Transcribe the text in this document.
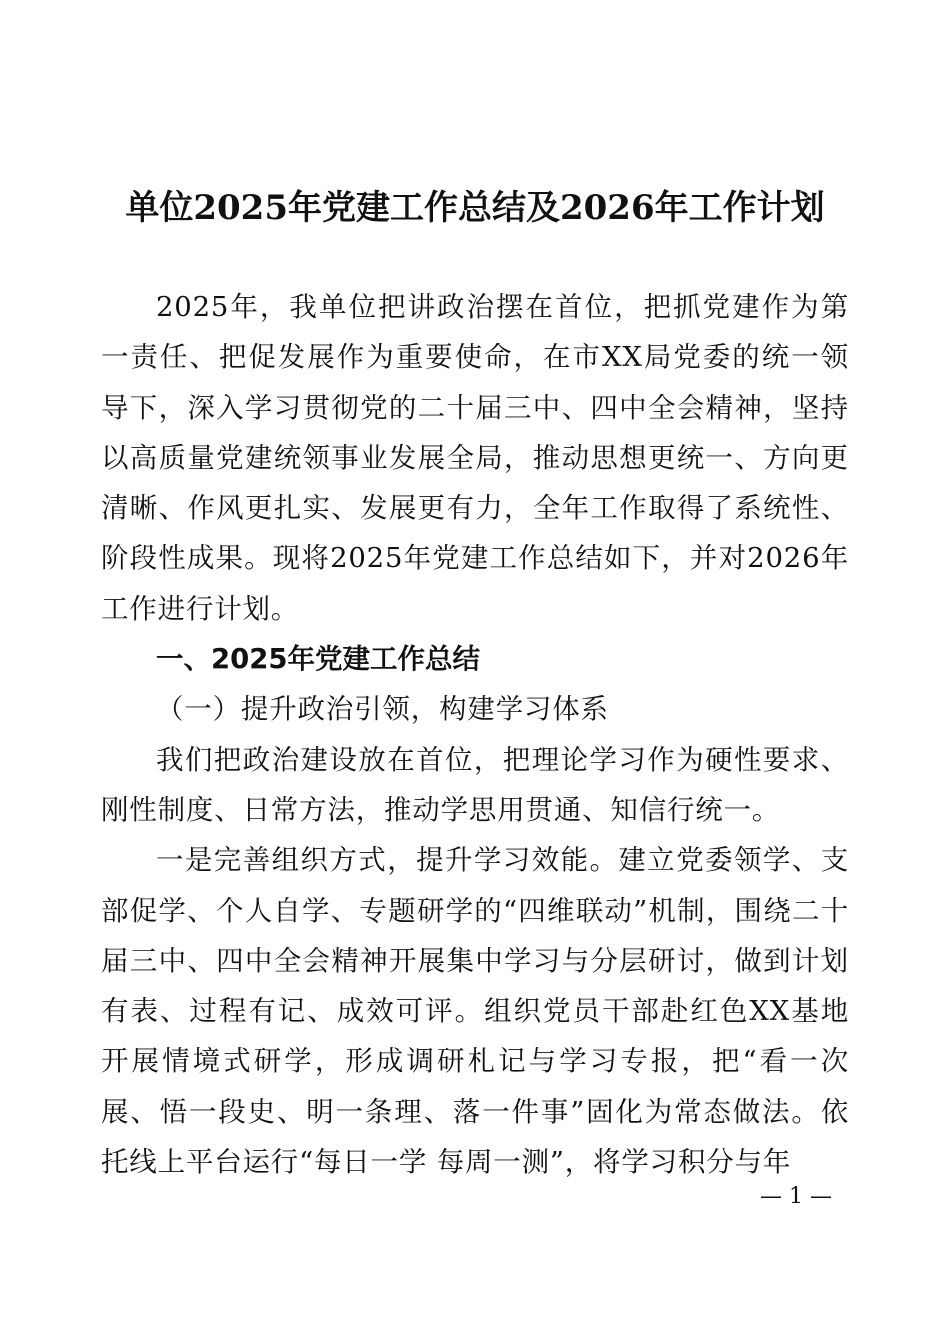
单位2025年党建工作总结及2026年工作计划

2025年，我单位把讲政治摆在首位，把抓党建作为第一责任、把促发展作为重要使命，在市XX局党委的统一领导下，深入学习贯彻党的二十届三中、四中全会精神，坚持以高质量党建统领事业发展全局，推动思想更统一、方向更清晰、作风更扎实、发展更有力，全年工作取得了系统性、阶段性成果。现将2025年党建工作总结如下，并对2026年工作进行计划。

一、2025年党建工作总结

（一）提升政治引领，构建学习体系

我们把政治建设放在首位，把理论学习作为硬性要求、刚性制度、日常方法，推动学思用贯通、知信行统一。

一是完善组织方式，提升学习效能。建立党委领学、支部促学、个人自学、专题研学的“四维联动”机制，围绕二十届三中、四中全会精神开展集中学习与分层研讨，做到计划有表、过程有记、成效可评。组织党员干部赴红色XX基地开展情境式研学，形成调研札记与学习专报，把“看一次展、悟一段史、明一条理、落一件事”固化为常态做法。依托线上平台运行“每日一学 每周一测”，将学习积分与年

— 1 —
